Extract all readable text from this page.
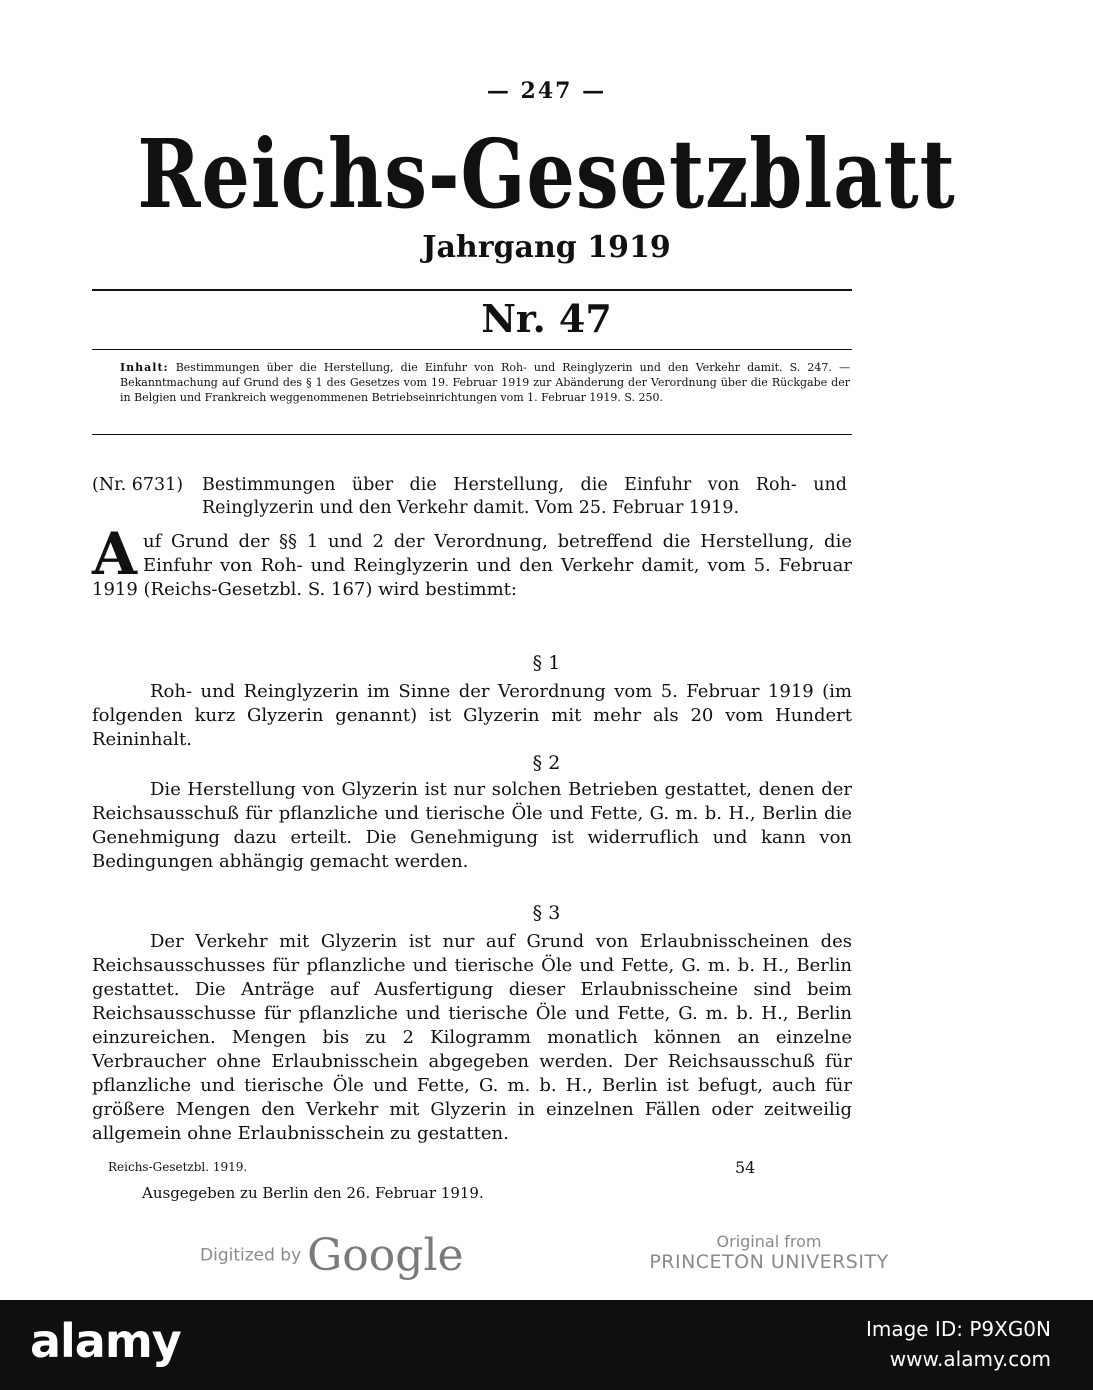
— 247 —
Reichs-Gesetzblatt
Jahrgang 1919
Nr. 47
Inhalt: Bestimmungen über die Herstellung, die Einfuhr von Roh- und Reinglyzerin und den Verkehr damit. S. 247. — Bekanntmachung auf Grund des § 1 des Gesetzes vom 19. Februar 1919 zur Abänderung der Verordnung über die Rückgabe der in Belgien und Frankreich weggenommenen Betriebseinrichtungen vom 1. Februar 1919. S. 250.
(Nr. 6731) Bestimmungen über die Herstellung, die Einfuhr von Roh- und Reinglyzerin und den Verkehr damit. Vom 25. Februar 1919.
Auf Grund der §§ 1 und 2 der Verordnung, betreffend die Herstellung, die Einfuhr von Roh- und Reinglyzerin und den Verkehr damit, vom 5. Februar 1919 (Reichs-Gesetzbl. S. 167) wird bestimmt:
§ 1
Roh- und Reinglyzerin im Sinne der Verordnung vom 5. Februar 1919 (im folgenden kurz Glyzerin genannt) ist Glyzerin mit mehr als 20 vom Hundert Reininhalt.
§ 2
Die Herstellung von Glyzerin ist nur solchen Betrieben gestattet, denen der Reichsausschuß für pflanzliche und tierische Öle und Fette, G. m. b. H., Berlin die Genehmigung dazu erteilt. Die Genehmigung ist widerruflich und kann von Bedingungen abhängig gemacht werden.
§ 3
Der Verkehr mit Glyzerin ist nur auf Grund von Erlaubnisscheinen des Reichsausschusses für pflanzliche und tierische Öle und Fette, G. m. b. H., Berlin gestattet. Die Anträge auf Ausfertigung dieser Erlaubnisscheine sind beim Reichsausschusse für pflanzliche und tierische Öle und Fette, G. m. b. H., Berlin einzureichen. Mengen bis zu 2 Kilogramm monatlich können an einzelne Verbraucher ohne Erlaubnisschein abgegeben werden. Der Reichsausschuß für pflanzliche und tierische Öle und Fette, G. m. b. H., Berlin ist befugt, auch für größere Mengen den Verkehr mit Glyzerin in einzelnen Fällen oder zeitweilig allgemein ohne Erlaubnisschein zu gestatten.
Reichs-Gesetzbl. 1919.	54
Ausgegeben zu Berlin den 26. Februar 1919.
Digitized by Google	Original from
PRINCETON UNIVERSITY
alamy	Image ID: P9XG0N
www.alamy.com
